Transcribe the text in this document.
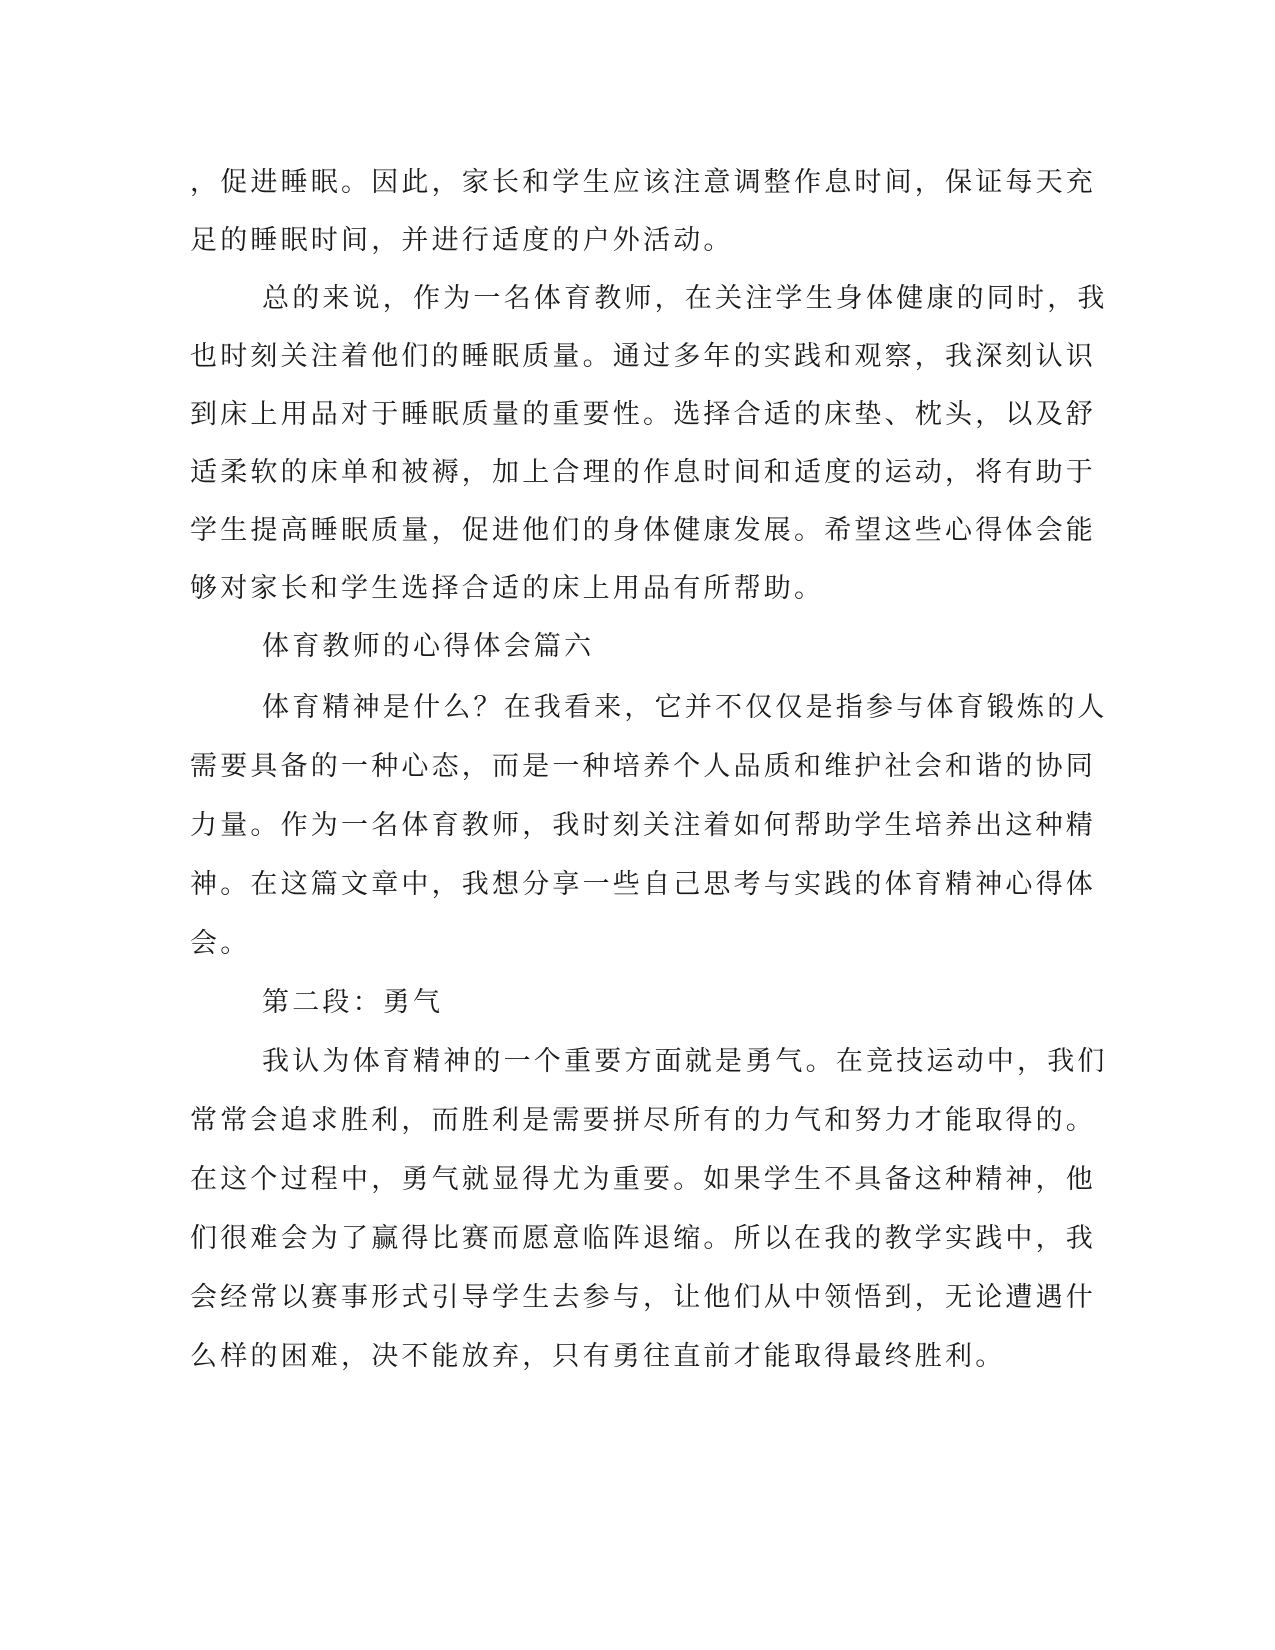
，促进睡眠。因此，家长和学生应该注意调整作息时间，保证每天充
足的睡眠时间，并进行适度的户外活动。
总的来说，作为一名体育教师，在关注学生身体健康的同时，我
也时刻关注着他们的睡眠质量。通过多年的实践和观察，我深刻认识
到床上用品对于睡眠质量的重要性。选择合适的床垫、枕头，以及舒
适柔软的床单和被褥，加上合理的作息时间和适度的运动，将有助于
学生提高睡眠质量，促进他们的身体健康发展。希望这些心得体会能
够对家长和学生选择合适的床上用品有所帮助。
体育教师的心得体会篇六
体育精神是什么？在我看来，它并不仅仅是指参与体育锻炼的人
需要具备的一种心态，而是一种培养个人品质和维护社会和谐的协同
力量。作为一名体育教师，我时刻关注着如何帮助学生培养出这种精
神。在这篇文章中，我想分享一些自己思考与实践的体育精神心得体
会。
第二段：勇气
我认为体育精神的一个重要方面就是勇气。在竞技运动中，我们
常常会追求胜利，而胜利是需要拼尽所有的力气和努力才能取得的。
在这个过程中，勇气就显得尤为重要。如果学生不具备这种精神，他
们很难会为了赢得比赛而愿意临阵退缩。所以在我的教学实践中，我
会经常以赛事形式引导学生去参与，让他们从中领悟到，无论遭遇什
么样的困难，决不能放弃，只有勇往直前才能取得最终胜利。
